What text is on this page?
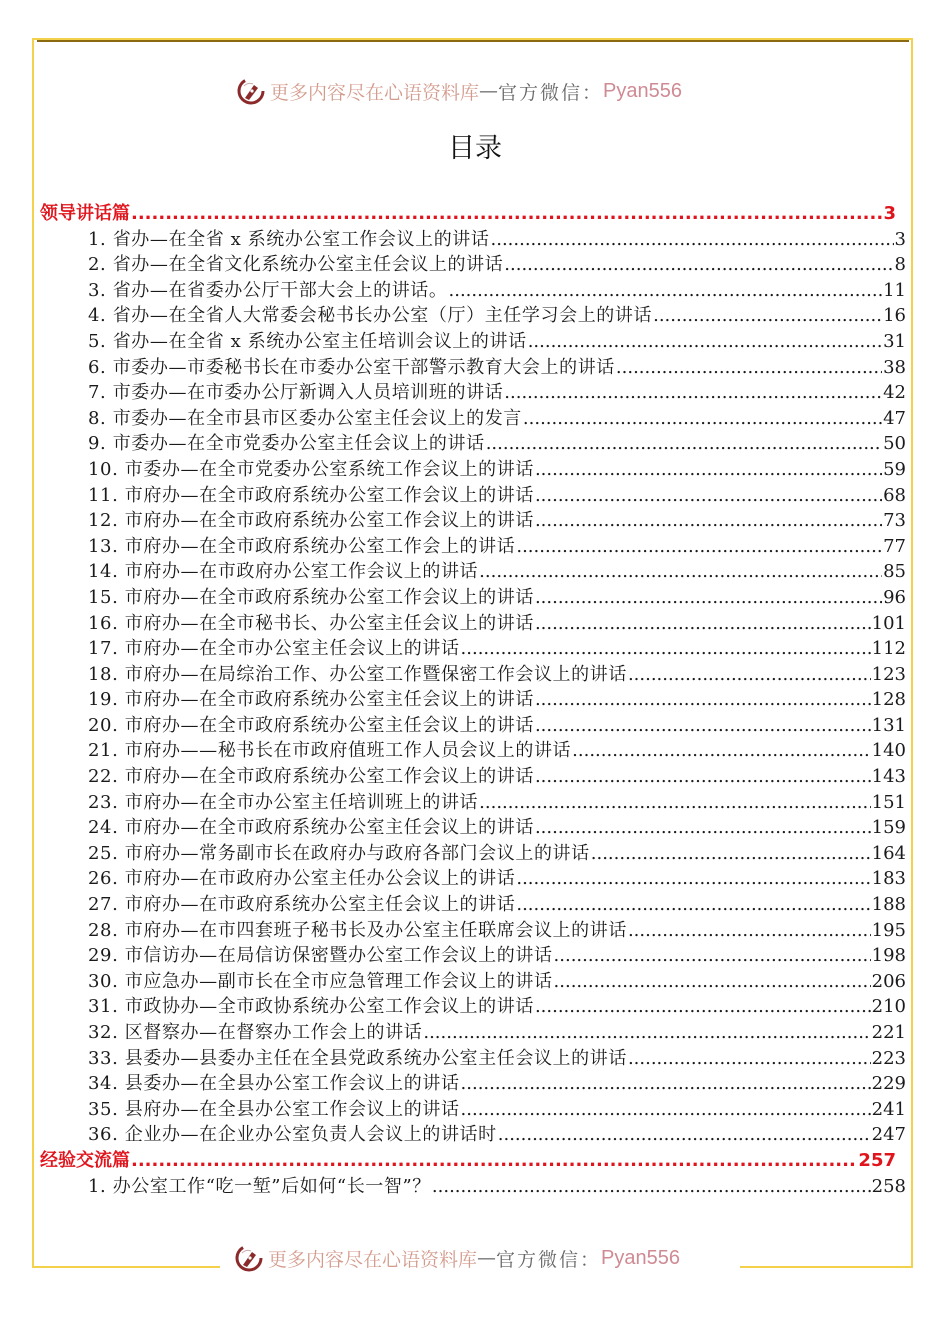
更多内容尽在心语资料库 — 官方微信： Pyan556
目录
领导讲话篇 .....	3
1. 省办—在全省 x 系统办公室工作会议上的讲话 .....	3
2. 省办—在全省文化系统办公室主任会议上的讲话 .....	8
3. 省办—在省委办公厅干部大会上的讲话。 .....	11
4. 省办—在全省人大常委会秘书长办公室（厅）主任学习会上的讲话 .....	16
5. 省办—在全省 x 系统办公室主任培训会议上的讲话 .....	31
6. 市委办—市委秘书长在市委办公室干部警示教育大会上的讲话 .....	38
7. 市委办—在市委办公厅新调入人员培训班的讲话 .....	42
8. 市委办—在全市县市区委办公室主任会议上的发言 .....	47
9. 市委办—在全市党委办公室主任会议上的讲话 .....	50
10. 市委办—在全市党委办公室系统工作会议上的讲话 .....	59
11. 市府办—在全市政府系统办公室工作会议上的讲话 .....	68
12. 市府办—在全市政府系统办公室工作会议上的讲话 .....	73
13. 市府办—在全市政府系统办公室工作会上的讲话 .....	77
14. 市府办—在市政府办公室工作会议上的讲话 .....	85
15. 市府办—在全市政府系统办公室工作会议上的讲话 .....	96
16. 市府办—在全市秘书长、办公室主任会议上的讲话 .....	101
17. 市府办—在全市办公室主任会议上的讲话 .....	112
18. 市府办—在局综治工作、办公室工作暨保密工作会议上的讲话 .....	123
19. 市府办—在全市政府系统办公室主任会议上的讲话 .....	128
20. 市府办—在全市政府系统办公室主任会议上的讲话 .....	131
21. 市府办——秘书长在市政府值班工作人员会议上的讲话 .....	140
22. 市府办—在全市政府系统办公室工作会议上的讲话 .....	143
23. 市府办—在全市办公室主任培训班上的讲话 .....	151
24. 市府办—在全市政府系统办公室主任会议上的讲话 .....	159
25. 市府办—常务副市长在政府办与政府各部门会议上的讲话 .....	164
26. 市府办—在市政府办公室主任办公会议上的讲话 .....	183
27. 市府办—在市政府系统办公室主任会议上的讲话 .....	188
28. 市府办—在市四套班子秘书长及办公室主任联席会议上的讲话 .....	195
29. 市信访办—在局信访保密暨办公室工作会议上的讲话 .....	198
30. 市应急办—副市长在全市应急管理工作会议上的讲话 .....	206
31. 市政协办—全市政协系统办公室工作会议上的讲话 .....	210
32. 区督察办—在督察办工作会上的讲话 .....	221
33. 县委办—县委办主任在全县党政系统办公室主任会议上的讲话 .....	223
34. 县委办—在全县办公室工作会议上的讲话 .....	229
35. 县府办—在全县办公室工作会议上的讲话 .....	241
36. 企业办—在企业办公室负责人会议上的讲话时 .....	247
经验交流篇 .....	257
1. 办公室工作“吃一堑”后如何“长一智”？ .....	258
更多内容尽在心语资料库 — 官方微信： Pyan556
